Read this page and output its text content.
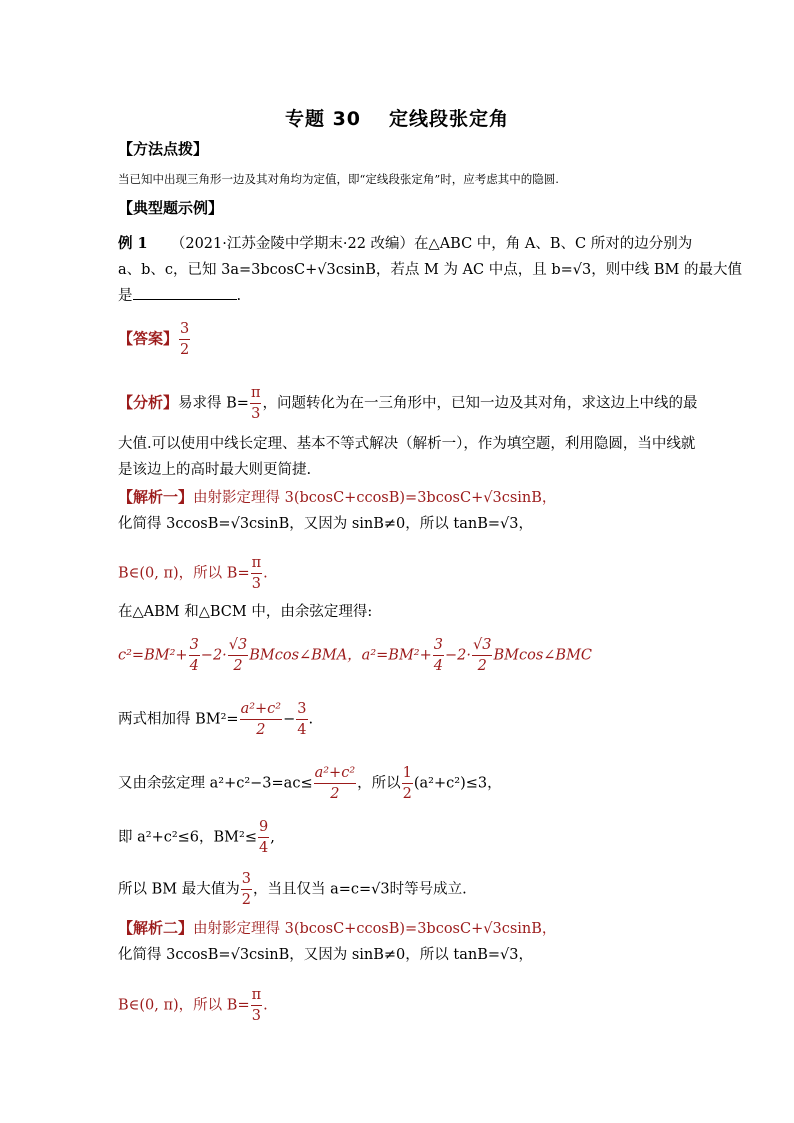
专题 30 定线段张定角
【方法点拨】
当已知中出现三角形一边及其对角均为定值，即“定线段张定角”时，应考虑其中的隐圆.
【典型题示例】
例 1 （2021·江苏金陵中学期末·22 改编）在△ABC 中，角 A、B、C 所对的边分别为
a、b、c，已知 3a=3bcosC+√3csinB，若点 M 为 AC 中点，且 b=√3，则中线 BM 的最大值
是	.
【答案】 $\frac{3}{2}$
【分析】易求得 $B= \frac{\pi}{3}$ ，问题转化为在一三角形中，已知一边及其对角，求这边上中线的最
大值.可以使用中线长定理、基本不等式解决（解析一），作为填空题，利用隐圆，当中线就
是该边上的高时最大则更简捷.
【解析一】由射影定理得 3(bcosC+ccosB)=3bcosC+√3csinB，
化简得 3ccosB=√3csinB，又因为 sinB≠0，所以 tanB=√3，
B∈(0, π)，所以 $B= \frac{\pi}{3}$ .
在△ABM 和△BCM 中，由余弦定理得:
$c^2=BM^2+ \frac{3}{4} -2\cdot \frac{√3}{2}$ BMcos∠BMA，$a^2=BM^2+ \frac{3}{4} -2\cdot \frac{√3}{2}$ BMcos∠BMC
两式相加得 $BM^2= \frac{\text{a²+c²}}{2} - \frac{3}{4}$ .
又由余弦定理 $a^2+c^2-3=ac\le \frac{\text{a²+c²}}{2}$ ，所以 $\frac{1}{2} (a^2+c^2)\le 3$，
即 a²+c²≤6，$BM^2\le \frac{9}{4}$ ,
所以 BM 最大值为 $\frac{3}{2}$ ，当且仅当 a=c=√3时等号成立.
【解析二】由射影定理得 3(bcosC+ccosB)=3bcosC+√3csinB，
化简得 3ccosB=√3csinB，又因为 sinB≠0，所以 tanB=√3，
B∈(0, π)，所以 $B= \frac{\pi}{3}$ .
